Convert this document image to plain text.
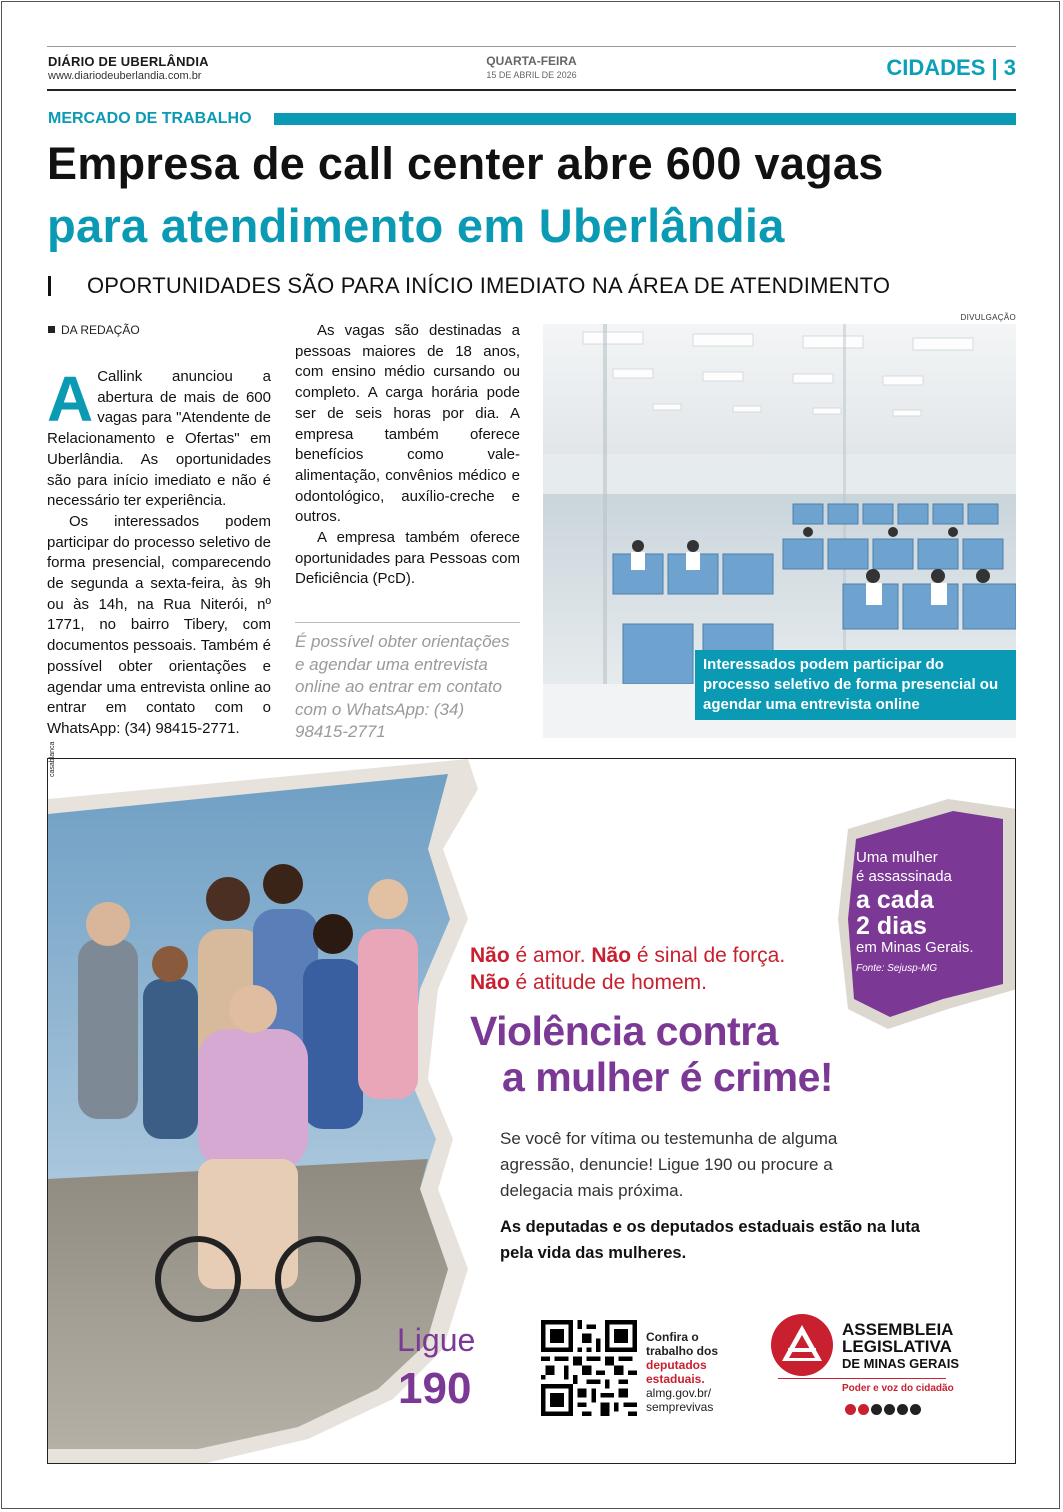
DIÁRIO DE UBERLÂNDIA
www.diariodeuberlandia.com.br
QUARTA-FEIRA
15 DE ABRIL DE 2026	CIDADES | 3
MERCADO DE TRABALHO
Empresa de call center abre 600 vagas
para atendimento em Uberlândia
OPORTUNIDADES SÃO PARA INÍCIO IMEDIATO NA ÁREA DE ATENDIMENTO
DA REDAÇÃO

A Callink anunciou a abertura de mais de 600 vagas para "Atendente de Relacionamento e Ofertas" em Uberlândia. As oportunidades são para início imediato e não é necessário ter experiência.

Os interessados podem participar do processo seletivo de forma presencial, comparecendo de segunda a sexta-feira, às 9h ou às 14h, na Rua Niterói, nº 1771, no bairro Tibery, com documentos pessoais. Também é possível obter orientações e agendar uma entrevista online ao entrar em contato com o WhatsApp: (34) 98415-2771.

As vagas são destinadas a pessoas maiores de 18 anos, com ensino médio cursando ou completo. A carga horária pode ser de seis horas por dia. A empresa também oferece benefícios como vale-alimentação, convênios médico e odontológico, auxílio-creche e outros.

A empresa também oferece oportunidades para Pessoas com Deficiência (PcD).

É possível obter orientações e agendar uma entrevista online ao entrar em contato com o WhatsApp: (34) 98415-2771
DIVULGAÇÃO
Interessados podem participar do processo seletivo de forma presencial ou agendar uma entrevista online
casablanca
Uma mulher
é assassinada
a cada
2 dias
em Minas Gerais.
Fonte: Sejusp-MG
Não é amor. Não é sinal de força.
Não é atitude de homem.
Violência contra
a mulher é crime!
Se você for vítima ou testemunha de alguma agressão, denuncie! Ligue 190 ou procure a delegacia mais próxima.
As deputadas e os deputados estaduais estão na luta pela vida das mulheres.
Ligue
190
Confira o
trabalho dos
deputados
estaduais.
almg.gov.br/
semprevivas
ASSEMBLEIA
LEGISLATIVA
DE MINAS GERAIS
Poder e voz do cidadão
